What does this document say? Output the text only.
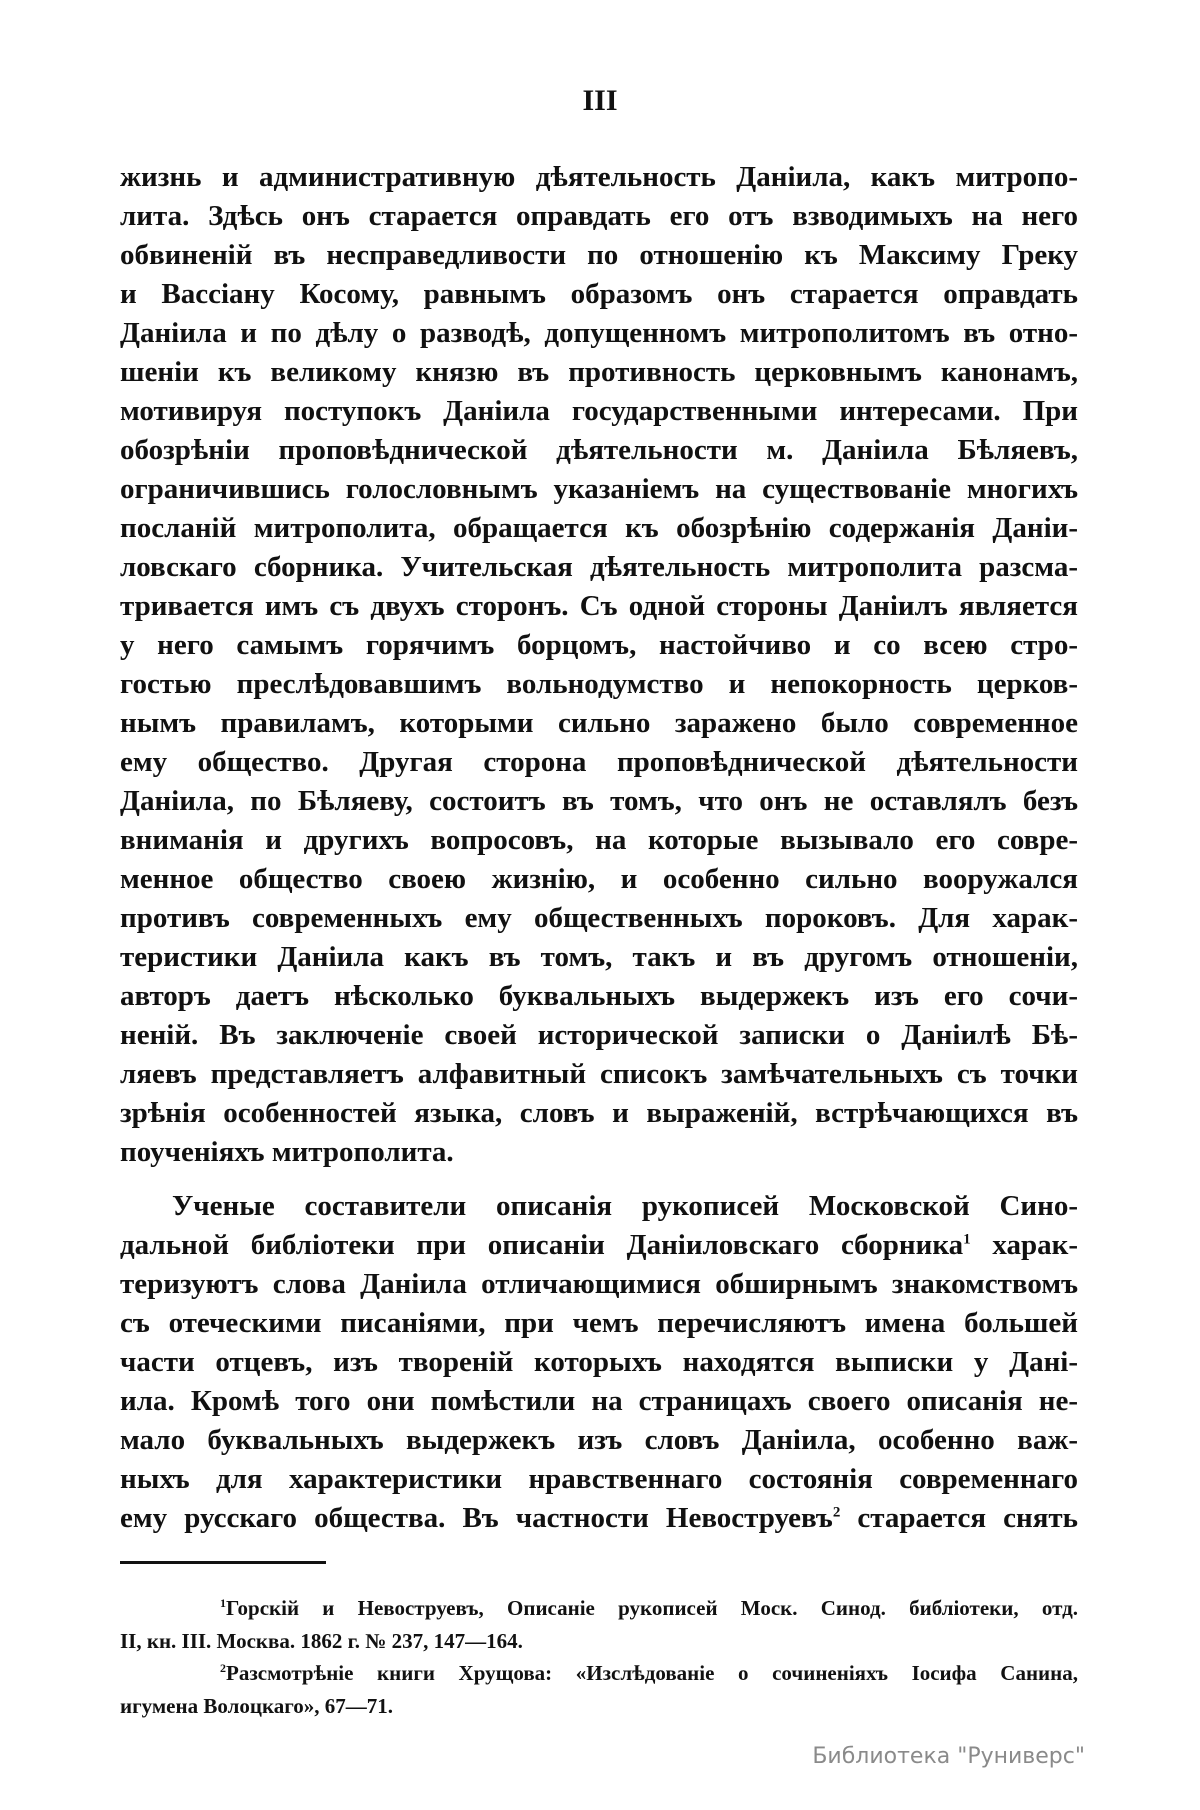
III
жизнь и административную дѣятельность Даніила, какъ митропо-
лита. Здѣсь онъ старается оправдать его отъ взводимыхъ на него
обвиненій въ несправедливости по отношенію къ Максиму Греку
и Вассіану Косому, равнымъ образомъ онъ старается оправдать
Даніила и по дѣлу о разводѣ, допущенномъ митрополитомъ въ отно-
шеніи къ великому князю въ противность церковнымъ канонамъ,
мотивируя поступокъ Даніила государственными интересами. При
обозрѣніи проповѣднической дѣятельности м. Даніила Бѣляевъ,
ограничившись голословнымъ указаніемъ на существованіе многихъ
посланій митрополита, обращается къ обозрѣнію содержанія Даніи-
ловскаго сборника. Учительская дѣятельность митрополита разсма-
тривается имъ съ двухъ сторонъ. Съ одной стороны Даніилъ является
у него самымъ горячимъ борцомъ, настойчиво и со всею стро-
гостью преслѣдовавшимъ вольнодумство и непокорность церков-
нымъ правиламъ, которыми сильно заражено было современное
ему общество. Другая сторона проповѣднической дѣятельности
Даніила, по Бѣляеву, состоитъ въ томъ, что онъ не оставлялъ безъ
вниманія и другихъ вопросовъ, на которые вызывало его совре-
менное общество своею жизнію, и особенно сильно вооружался
противъ современныхъ ему общественныхъ пороковъ. Для харак-
теристики Даніила какъ въ томъ, такъ и въ другомъ отношеніи,
авторъ даетъ нѣсколько буквальныхъ выдержекъ изъ его сочи-
неній. Въ заключеніе своей исторической записки о Даніилѣ Бѣ-
ляевъ представляетъ алфавитный списокъ замѣчательныхъ съ точки
зрѣнія особенностей языка, словъ и выраженій, встрѣчающихся въ
поученіяхъ митрополита.
Ученые составители описанія рукописей Московской Сино-
дальной библіотеки при описаніи Даніиловскаго сборника$^1$ харак-
теризуютъ слова Даніила отличающимися обширнымъ знакомствомъ
съ отеческими писаніями, при чемъ перечисляютъ имена большей
части отцевъ, изъ твореній которыхъ находятся выписки у Дані-
ила. Кромѣ того они помѣстили на страницахъ своего описанія не-
мало буквальныхъ выдержекъ изъ словъ Даніила, особенно важ-
ныхъ для характеристики нравственнаго состоянія современнаго
ему русскаго общества. Въ частности Невоструевъ$^2$ старается снять
$^1$Горскій и Невоструевъ, Описаніе рукописей Моск. Синод. библіотеки, отд.
II, кн. III. Москва. 1862 г. № 237, 147—164.
$^2$Разсмотрѣніе книги Хрущова: «Изслѣдованіе о сочиненіяхъ Іосифа Санина,
игумена Волоцкаго», 67—71.
Библиотека "Руниверс"
